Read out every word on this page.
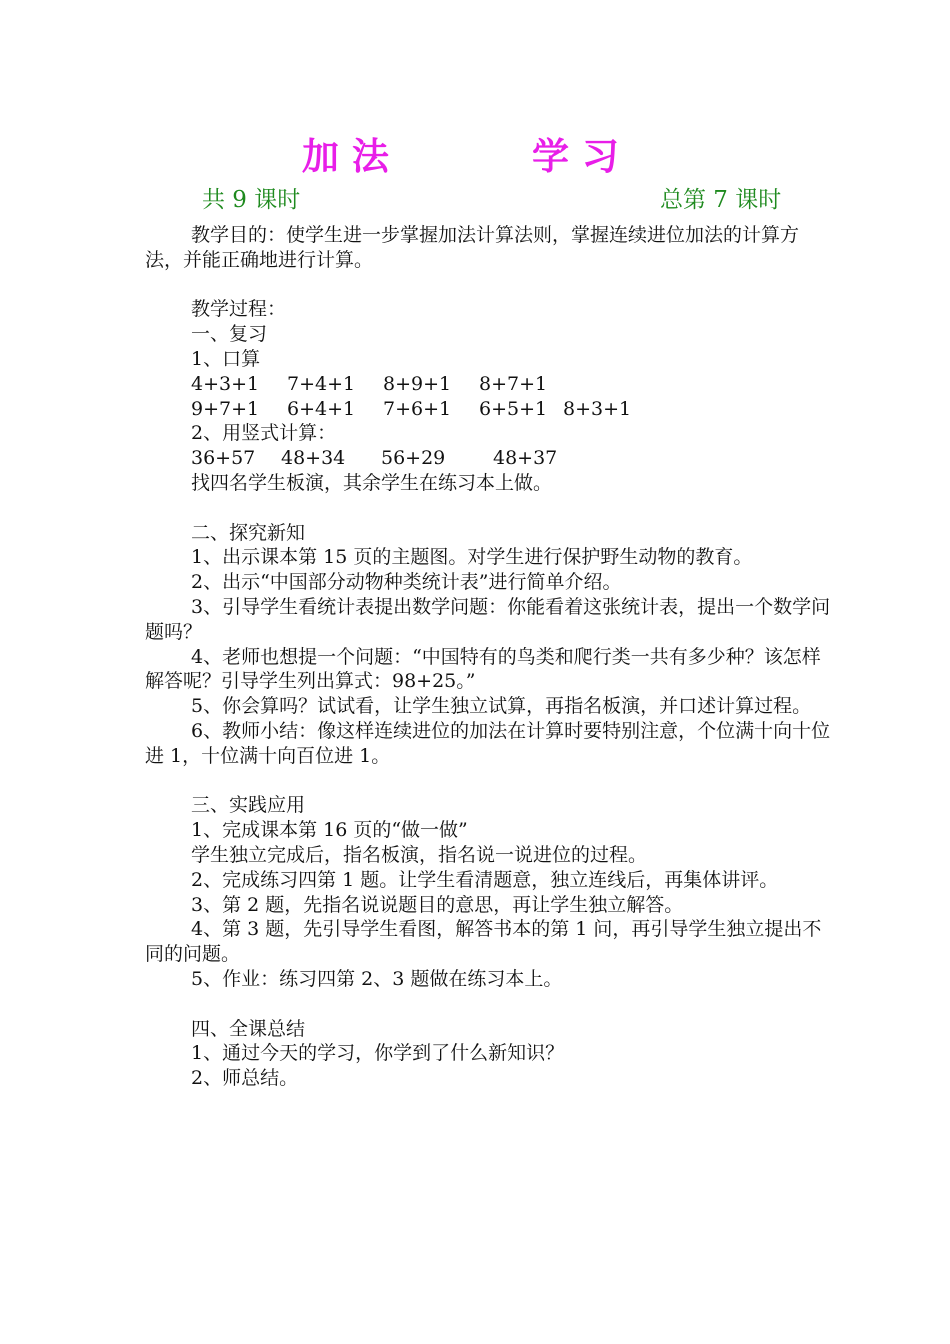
加 法	学 习
共 9 课时	总第 7 课时

教学目的：使学生进一步掌握加法计算法则，掌握连续进位加法的计算方法，并能正确地进行计算。

教学过程：

一、复习

1、口算

4+3+1 7+4+1 8+9+1 8+7+1
9+7+1 6+4+1 7+6+1 6+5+1 8+3+1

2、用竖式计算：

36+57 48+34 56+29	48+37

找四名学生板演，其余学生在练习本上做。

二、探究新知

1、出示课本第 15 页的主题图。对学生进行保护野生动物的教育。

2、出示“中国部分动物种类统计表”进行简单介绍。

3、引导学生看统计表提出数学问题：你能看着这张统计表，提出一个数学问题吗？

4、老师也想提一个问题：“中国特有的鸟类和爬行类一共有多少种？该怎样解答呢？引导学生列出算式：98+25。”

5、你会算吗？试试看，让学生独立试算，再指名板演，并口述计算过程。

6、教师小结：像这样连续进位的加法在计算时要特别注意，个位满十向十位进 1，十位满十向百位进 1。

三、实践应用

1、完成课本第 16 页的“做一做”

学生独立完成后，指名板演，指名说一说进位的过程。

2、完成练习四第 1 题。让学生看清题意，独立连线后，再集体讲评。

3、第 2 题，先指名说说题目的意思，再让学生独立解答。

4、第 3 题，先引导学生看图，解答书本的第 1 问，再引导学生独立提出不同的问题。

5、作业：练习四第 2、3 题做在练习本上。

四、全课总结

1、通过今天的学习，你学到了什么新知识？

2、师总结。
